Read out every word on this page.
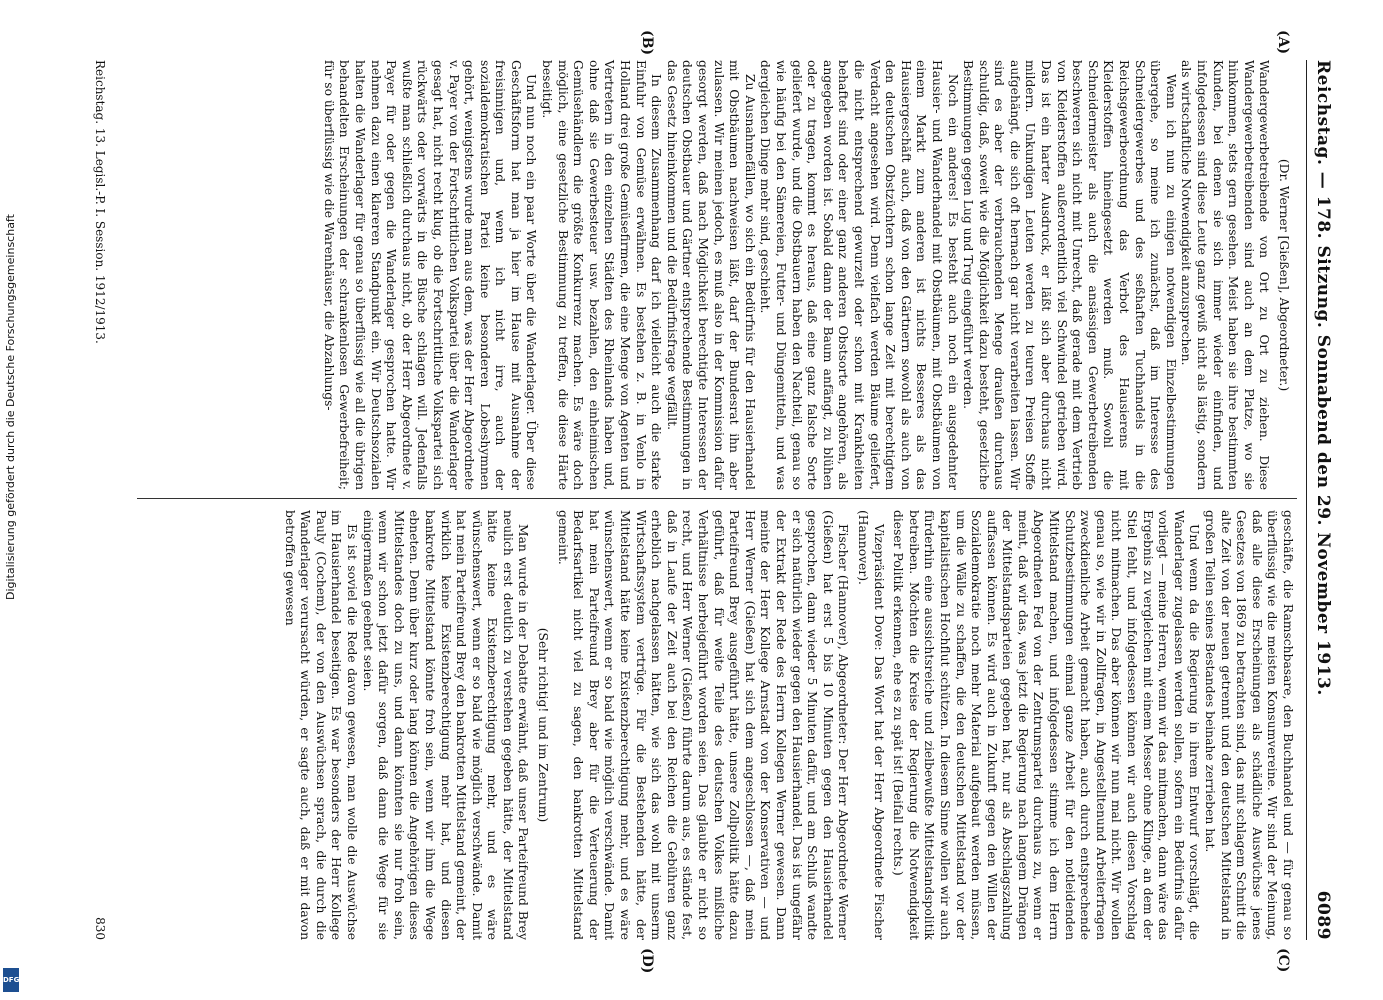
Reichstag. — 178. Sitzung. Sonnabend den 29. November 1913.
6089
(A)
(B)
(C)
(D)

(Dr. Werner [Gießen], Abgeordneter.)

Wandergewerbetreibende von Ort zu Ort zu ziehen. Diese Wandergewerbetreibenden sind auch an dem Platze, wo sie hinkommen, stets gern gesehen. Meist haben sie ihre bestimmten Kunden, bei denen sie sich immer wieder einfinden, und infolgedessen sind diese Leute ganz gewiß nicht als lästig, sondern als wirtschaftliche Notwendigkeit anzusprechen.

Wenn ich nun zu einigen notwendigen Einzelbestimmungen übergehe, so meine ich zunächst, daß im Interesse des Schneidergewerbes und des seßhaften Tuchhandels in die Reichsgewerbeordnung das Verbot des Hausierens mit Kleiderstoffen hineingesetzt werden muß. Sowohl die Schneidermeister als auch die ansässigen Gewerbetreibenden beschweren sich nicht mit Unrecht, daß gerade mit dem Vertrieb von Kleiderstoffen außerordentlich viel Schwindel getrieben wird. Das ist ein harter Ausdruck, er läßt sich aber durchaus nicht mildern. Unkundigen Leuten werden zu teuren Preisen Stoffe aufgehängt, die sich oft hernach gar nicht verarbeiten lassen. Wir sind es aber der verbrauchenden Menge draußen durchaus schuldig, daß, soweit wie die Möglichkeit dazu besteht, gesetzliche Bestimmungen gegen Lug und Trug eingeführt werden.

Noch ein anderes! Es besteht auch noch ein ausgedehnter Hausier- und Wanderhandel mit Obstbäumen, mit Obstbäumen von einem Markt zum anderen ist nichts Besseres als das Hausiergeschäft auch, daß von den Gärtnern sowohl als auch von den deutschen Obstzüchtern schon lange Zeit mit berechtigtem Verdacht angesehen wird. Denn vielfach werden Bäume geliefert, die nicht entsprechend gewurzelt oder schon mit Krankheiten behaftet sind oder einer ganz anderen Obstsorte angehören, als angegeben worden ist. Sobald dann der Baum anfängt, zu blühen oder zu tragen, kommt es heraus, daß eine ganz falsche Sorte geliefert wurde, und die Obstbauern haben den Nachteil, genau so wie häufig bei den Sämereien, Futter- und Düngemitteln, und was dergleichen Dinge mehr sind, geschieht.

Zu Ausnahmefällen, wo sich ein Bedürfnis für den Hausierhandel mit Obstbäumen nachweisen läßt, darf der Bundesrat ihn aber zulassen. Wir meinen jedoch, es muß also in der Kommission dafür gesorgt werden, daß nach Möglichkeit berechtigte Interessen der deutschen Obstbauer und Gärtner entsprechende Bestimmungen in das Gesetz hineinkommen und die Bedürfnisfrage wegfällt.

In diesem Zusammenhang darf ich vielleicht auch die starke Einfuhr von Gemüse erwähnen. Es bestehen z. B. in Venlo in Holland drei große Gemüsefirmen, die eine Menge von Agenten und Vertretern in den einzelnen Städten des Rheinlands haben und, ohne daß sie Gewerbesteuer usw. bezahlen, den einheimischen Gemüsehändlern die größte Konkurrenz machen. Es wäre doch möglich, eine gesetzliche Bestimmung zu treffen, die diese Härte beseitigt.

Und nun noch ein paar Worte über die Wanderlager. Über diese Geschäftsform hat man ja hier im Hause mit Ausnahme der freisinnigen und, wenn ich nicht irre, auch der sozialdemokratischen Partei keine besonderen Lobeshymnen gehört, wenigstens wurde man aus dem, was der Herr Abgeordnete v. Payer von der Fortschrittlichen Volkspartei über die Wanderlager gesagt hat, nicht recht klug, ob die Fortschrittliche Volkspartei sich rückwärts oder vorwärts in die Büsche schlagen will. Jedenfalls wußte man schließlich durchaus nicht, ob der Herr Abgeordnete v. Payer für oder gegen die Wanderlager gesprochen hatte. Wir nehmen dazu einen klareren Standpunkt ein. Wir Deutschsozialen halten die Wanderlager für genau so überflüssig wie all die übrigen behandelten Erscheinungen der schrankenlosen Gewerbefreiheit; für so überflüssig wie die Warenhäuser, die Abzahlungs-

geschäfte, die Ramschbasare, den Buchhandel und — für genau so überflüssig wie die meisten Konsumvereine. Wir sind der Meinung, daß alle diese Erscheinungen als schädliche Auswüchse jenes Gesetzes von 1869 zu betrachten sind, das mit schlagem Schnitt die alte Zeit von der neuen getrennt und den deutschen Mittelstand in großen Teilen seines Bestandes beinahe zerrieben hat.

Und wenn da die Regierung in ihrem Entwurf vorschlägt, die Wanderlager zugelassen werden sollen, sofern ein Bedürfnis dafür vorliegt — meine Herren, wenn wir das mitmachen, dann wäre das Ergebnis zu vergleichen mit einem Messer ohne Klinge, an dem der Stiel fehlt, und infolgedessen können wir auch diesen Vorschlag nicht mitmachen. Das aber können wir nun mal nicht. Wir wollen genau so, wie wir in Zollfragen, in Angestelltenund Arbeiterfragen zweckdienliche Arbeit gemacht haben, auch durch entsprechende Schutzbestimmungen einmal ganze Arbeit für den notleidenden Mittelstand machen, und infolgedessen stimme ich dem Herrn Abgeordneten Fed von der Zentrumspartei durchaus zu, wenn er meint, daß wir das, was jetzt die Regierung nach langem Drängen der Mittelstandsparteien gegeben hat, nur als Abschlagszahlung auffassen können. Es wird auch in Zukunft gegen den Willen der Sozialdemokratie noch mehr Material aufgebaut werden müssen, um die Wälle zu schaffen, die den deutschen Mittelstand vor der kapitalistischen Hochflut schützen. In diesem Sinne wollen wir auch fürderhin eine aussichtsreiche und zielbewußte Mittelstandspolitik betreiben. Möchten die Kreise der Regierung die Notwendigkeit dieser Politik erkennen, ehe es zu spät ist! (Beifall rechts.)

Vizepräsident Dove: Das Wort hat der Herr Abgeordnete Fischer (Hannover).

Fischer (Hannover), Abgeordneter: Der Herr Abgeordnete Werner (Gießen) hat erst 5 bis 10 Minuten gegen den Hausierhandel gesprochen, dann wieder 5 Minuten dafür, und am Schluß wandte er sich natürlich wieder gegen den Hausierhandel. Das ist ungefähr der Extrakt der Rede des Herrn Kollegen Werner gewesen. Dann meinte der Herr Kollege Arnstadt von der Konservativen — und Herr Werner (Gießen) hat sich dem angeschlossen —, daß mein Parteifreund Brey ausgeführt hätte, unsere Zollpolitik hätte dazu geführt, daß für weite Teile des deutschen Volkes mißliche Verhältnisse herbeigeführt worden seien. Das glaubte er nicht so recht, und Herr Werner (Gießen) führte darum aus, es stände fest, daß in Laufe der Zeit auch bei den Reichen die Gebühren ganz erheblich nachgelassen hätten, wie sich das wohl mit unserm Wirtschaftssystem vertrüge. Für die Bestehenden hätte, der Mittelstand hätte keine Existenzberechtigung mehr, und es wäre wünschenswert, wenn er so bald wie möglich verschwände. Damit hat mein Parteifreund Brey aber für die Verteuerung der Bedarfsartikel nicht viel zu sagen, den bankrotten Mittelstand gemeint.

(Sehr richtig! und im Zentrum)

Man wurde in der Debatte erwähnt, daß unser Parteifreund Brey neulich erst deutlich zu verstehen gegeben hätte, der Mittelstand hätte keine Existenzberechtigung mehr, und es wäre wünschenswert, wenn er so bald wie möglich verschwände. Damit hat mein Parteifreund Brey den bankrotten Mittelstand gemeint, der wirklich keine Existenzberechtigung mehr hat, und diesen bankrotte Mittelstand könnte froh sein, wenn wir ihm die Wege ebneten. Denn über kurz oder lang können die Angehörigen dieses Mittelstandes doch zu uns, und dann könnten sie nur froh sein, wenn wir schon jetzt dafür sorgen, daß dann die Wege für sie einigermaßen geebnet seien.

Es ist soviel die Rede davon gewesen, man wolle die Auswüchse im Hausierhandel beseitigen. Es war besonders der Herr Kollege Pauly (Cochem), der von den Auswüchsen sprach, die durch die Wanderlager verursacht würden, er sagte auch, daß er mit davon betroffen gewesen

Reichstag. 13. Legisl.-P. I. Session. 1912/1913.
830
Digitalisierung gefördert durch die Deutsche Forschungsgemeinschaft
DFG
